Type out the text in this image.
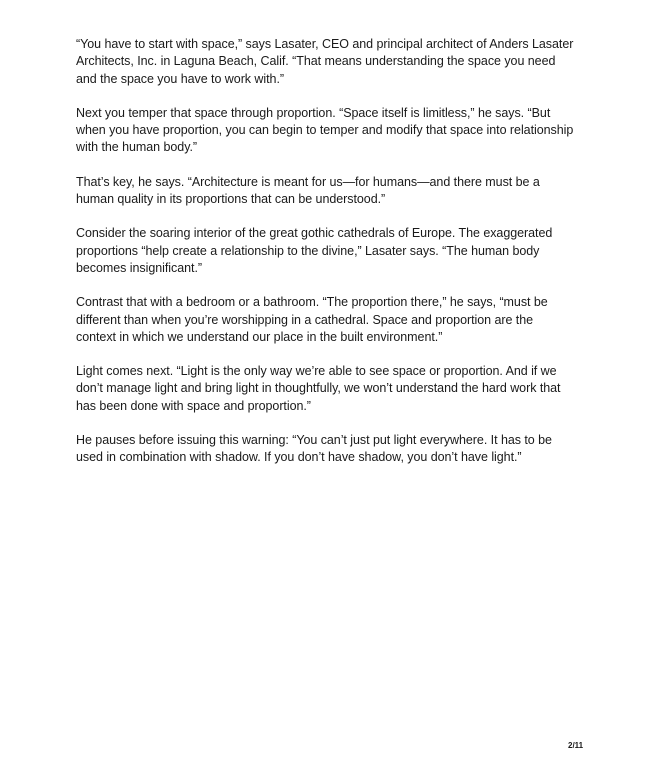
“You have to start with space,” says Lasater, CEO and principal architect of Anders Lasater Architects, Inc. in Laguna Beach, Calif. “That means understanding the space you need and the space you have to work with.”

Next you temper that space through proportion. “Space itself is limitless,” he says. “But when you have proportion, you can begin to temper and modify that space into relationship with the human body.”

That’s key, he says. “Architecture is meant for us—for humans—and there must be a human quality in its proportions that can be understood.”

Consider the soaring interior of the great gothic cathedrals of Europe. The exaggerated proportions “help create a relationship to the divine,” Lasater says. “The human body becomes insignificant.”

Contrast that with a bedroom or a bathroom. “The proportion there,” he says, “must be different than when you’re worshipping in a cathedral. Space and proportion are the context in which we understand our place in the built environment.”

Light comes next. “Light is the only way we’re able to see space or proportion. And if we don’t manage light and bring light in thoughtfully, we won’t understand the hard work that has been done with space and proportion.”

He pauses before issuing this warning: “You can’t just put light everywhere. It has to be used in combination with shadow. If you don’t have shadow, you don’t have light.”

2/11
